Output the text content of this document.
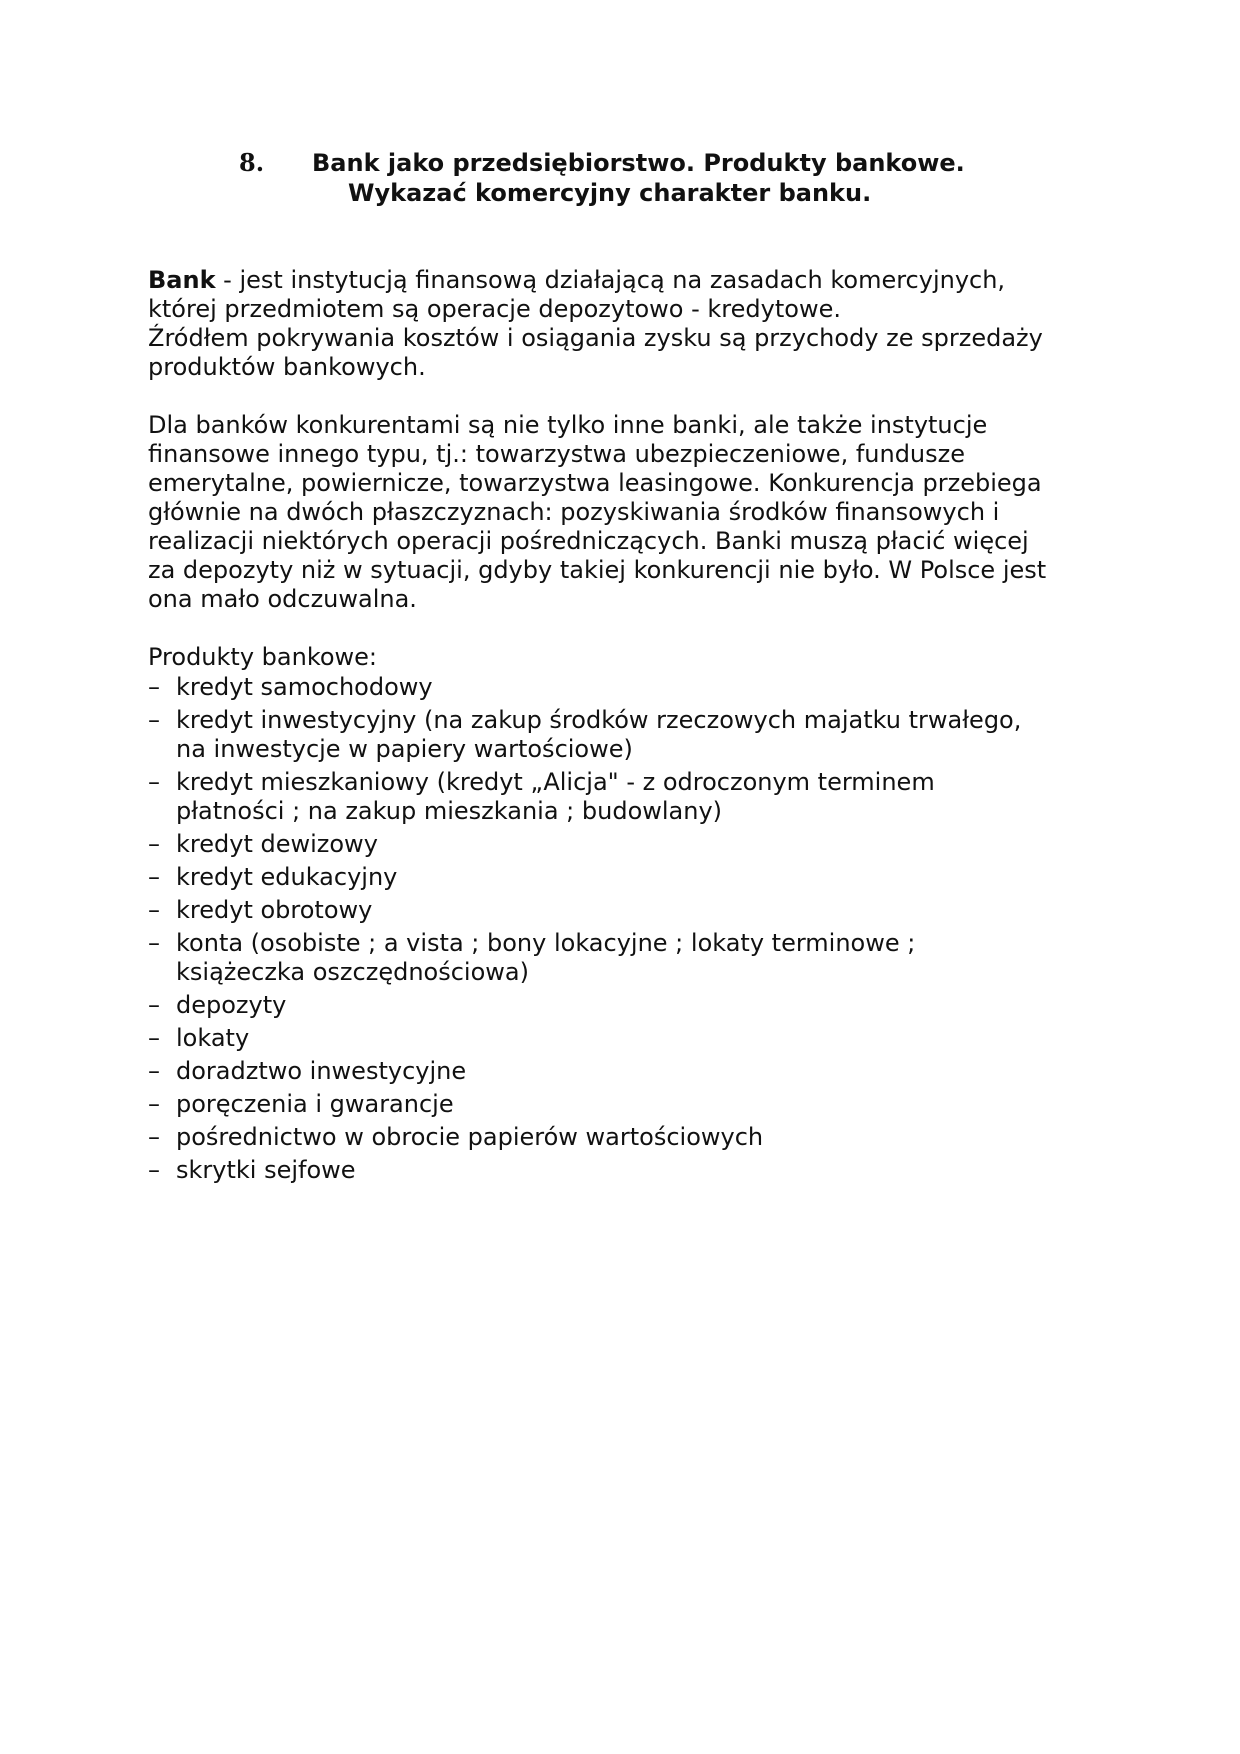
8. Bank jako przedsiębiorstwo. Produkty bankowe.
Wykazać komercyjny charakter banku.
Bank - jest instytucją finansową działającą na zasadach komercyjnych,
której przedmiotem są operacje depozytowo - kredytowe.
Źródłem pokrywania kosztów i osiągania zysku są przychody ze sprzedaży
produktów bankowych.
Dla banków konkurentami są nie tylko inne banki, ale także instytucje
finansowe innego typu, tj.: towarzystwa ubezpieczeniowe, fundusze
emerytalne, powiernicze, towarzystwa leasingowe. Konkurencja przebiega
głównie na dwóch płaszczyznach: pozyskiwania środków finansowych i
realizacji niektórych operacji pośredniczących. Banki muszą płacić więcej
za depozyty niż w sytuacji, gdyby takiej konkurencji nie było. W Polsce jest
ona mało odczuwalna.
Produkty bankowe:
– kredyt samochodowy
– kredyt inwestycyjny (na zakup środków rzeczowych majatku trwałego,
na inwestycje w papiery wartościowe)
– kredyt mieszkaniowy (kredyt „Alicja" - z odroczonym terminem
płatności ; na zakup mieszkania ; budowlany)
– kredyt dewizowy
– kredyt edukacyjny
– kredyt obrotowy
– konta (osobiste ; a vista ; bony lokacyjne ; lokaty terminowe ;
książeczka oszczędnościowa)
– depozyty
– lokaty
– doradztwo inwestycyjne
– poręczenia i gwarancje
– pośrednictwo w obrocie papierów wartościowych
– skrytki sejfowe
